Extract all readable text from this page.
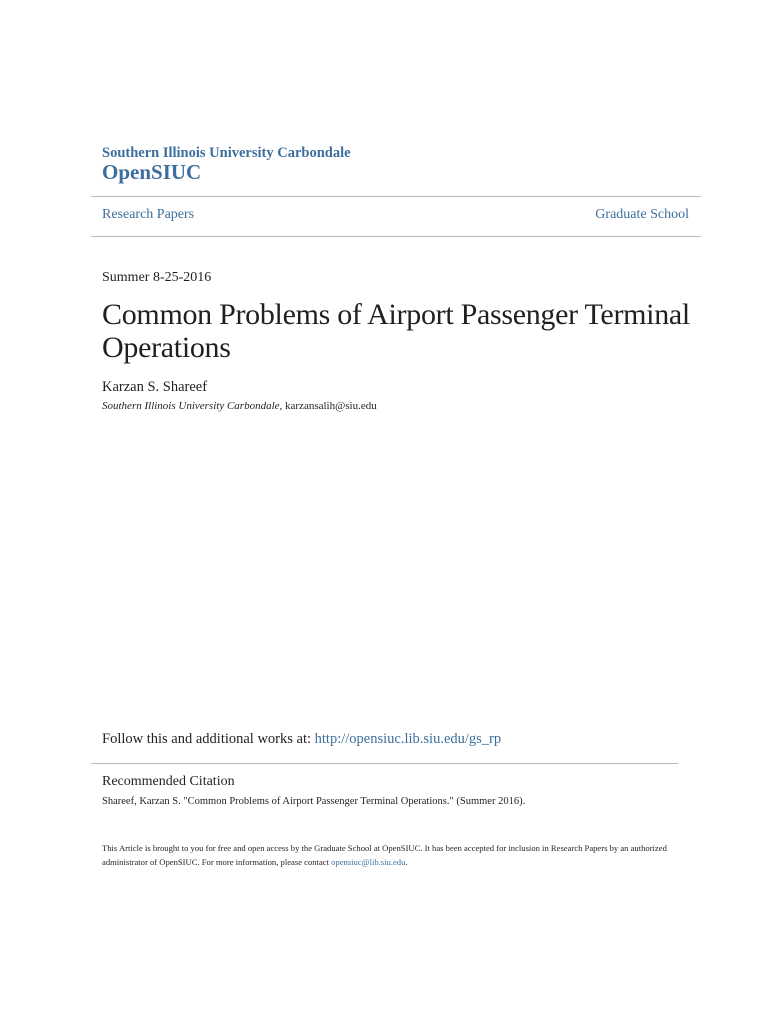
Southern Illinois University Carbondale
OpenSIUC
Research Papers	Graduate School
Summer 8-25-2016
Common Problems of Airport Passenger Terminal Operations
Karzan S. Shareef
Southern Illinois University Carbondale, karzansalih@siu.edu
Follow this and additional works at: http://opensiuc.lib.siu.edu/gs_rp
Recommended Citation
Shareef, Karzan S. "Common Problems of Airport Passenger Terminal Operations." (Summer 2016).
This Article is brought to you for free and open access by the Graduate School at OpenSIUC. It has been accepted for inclusion in Research Papers by an authorized administrator of OpenSIUC. For more information, please contact opensiuc@lib.siu.edu.
